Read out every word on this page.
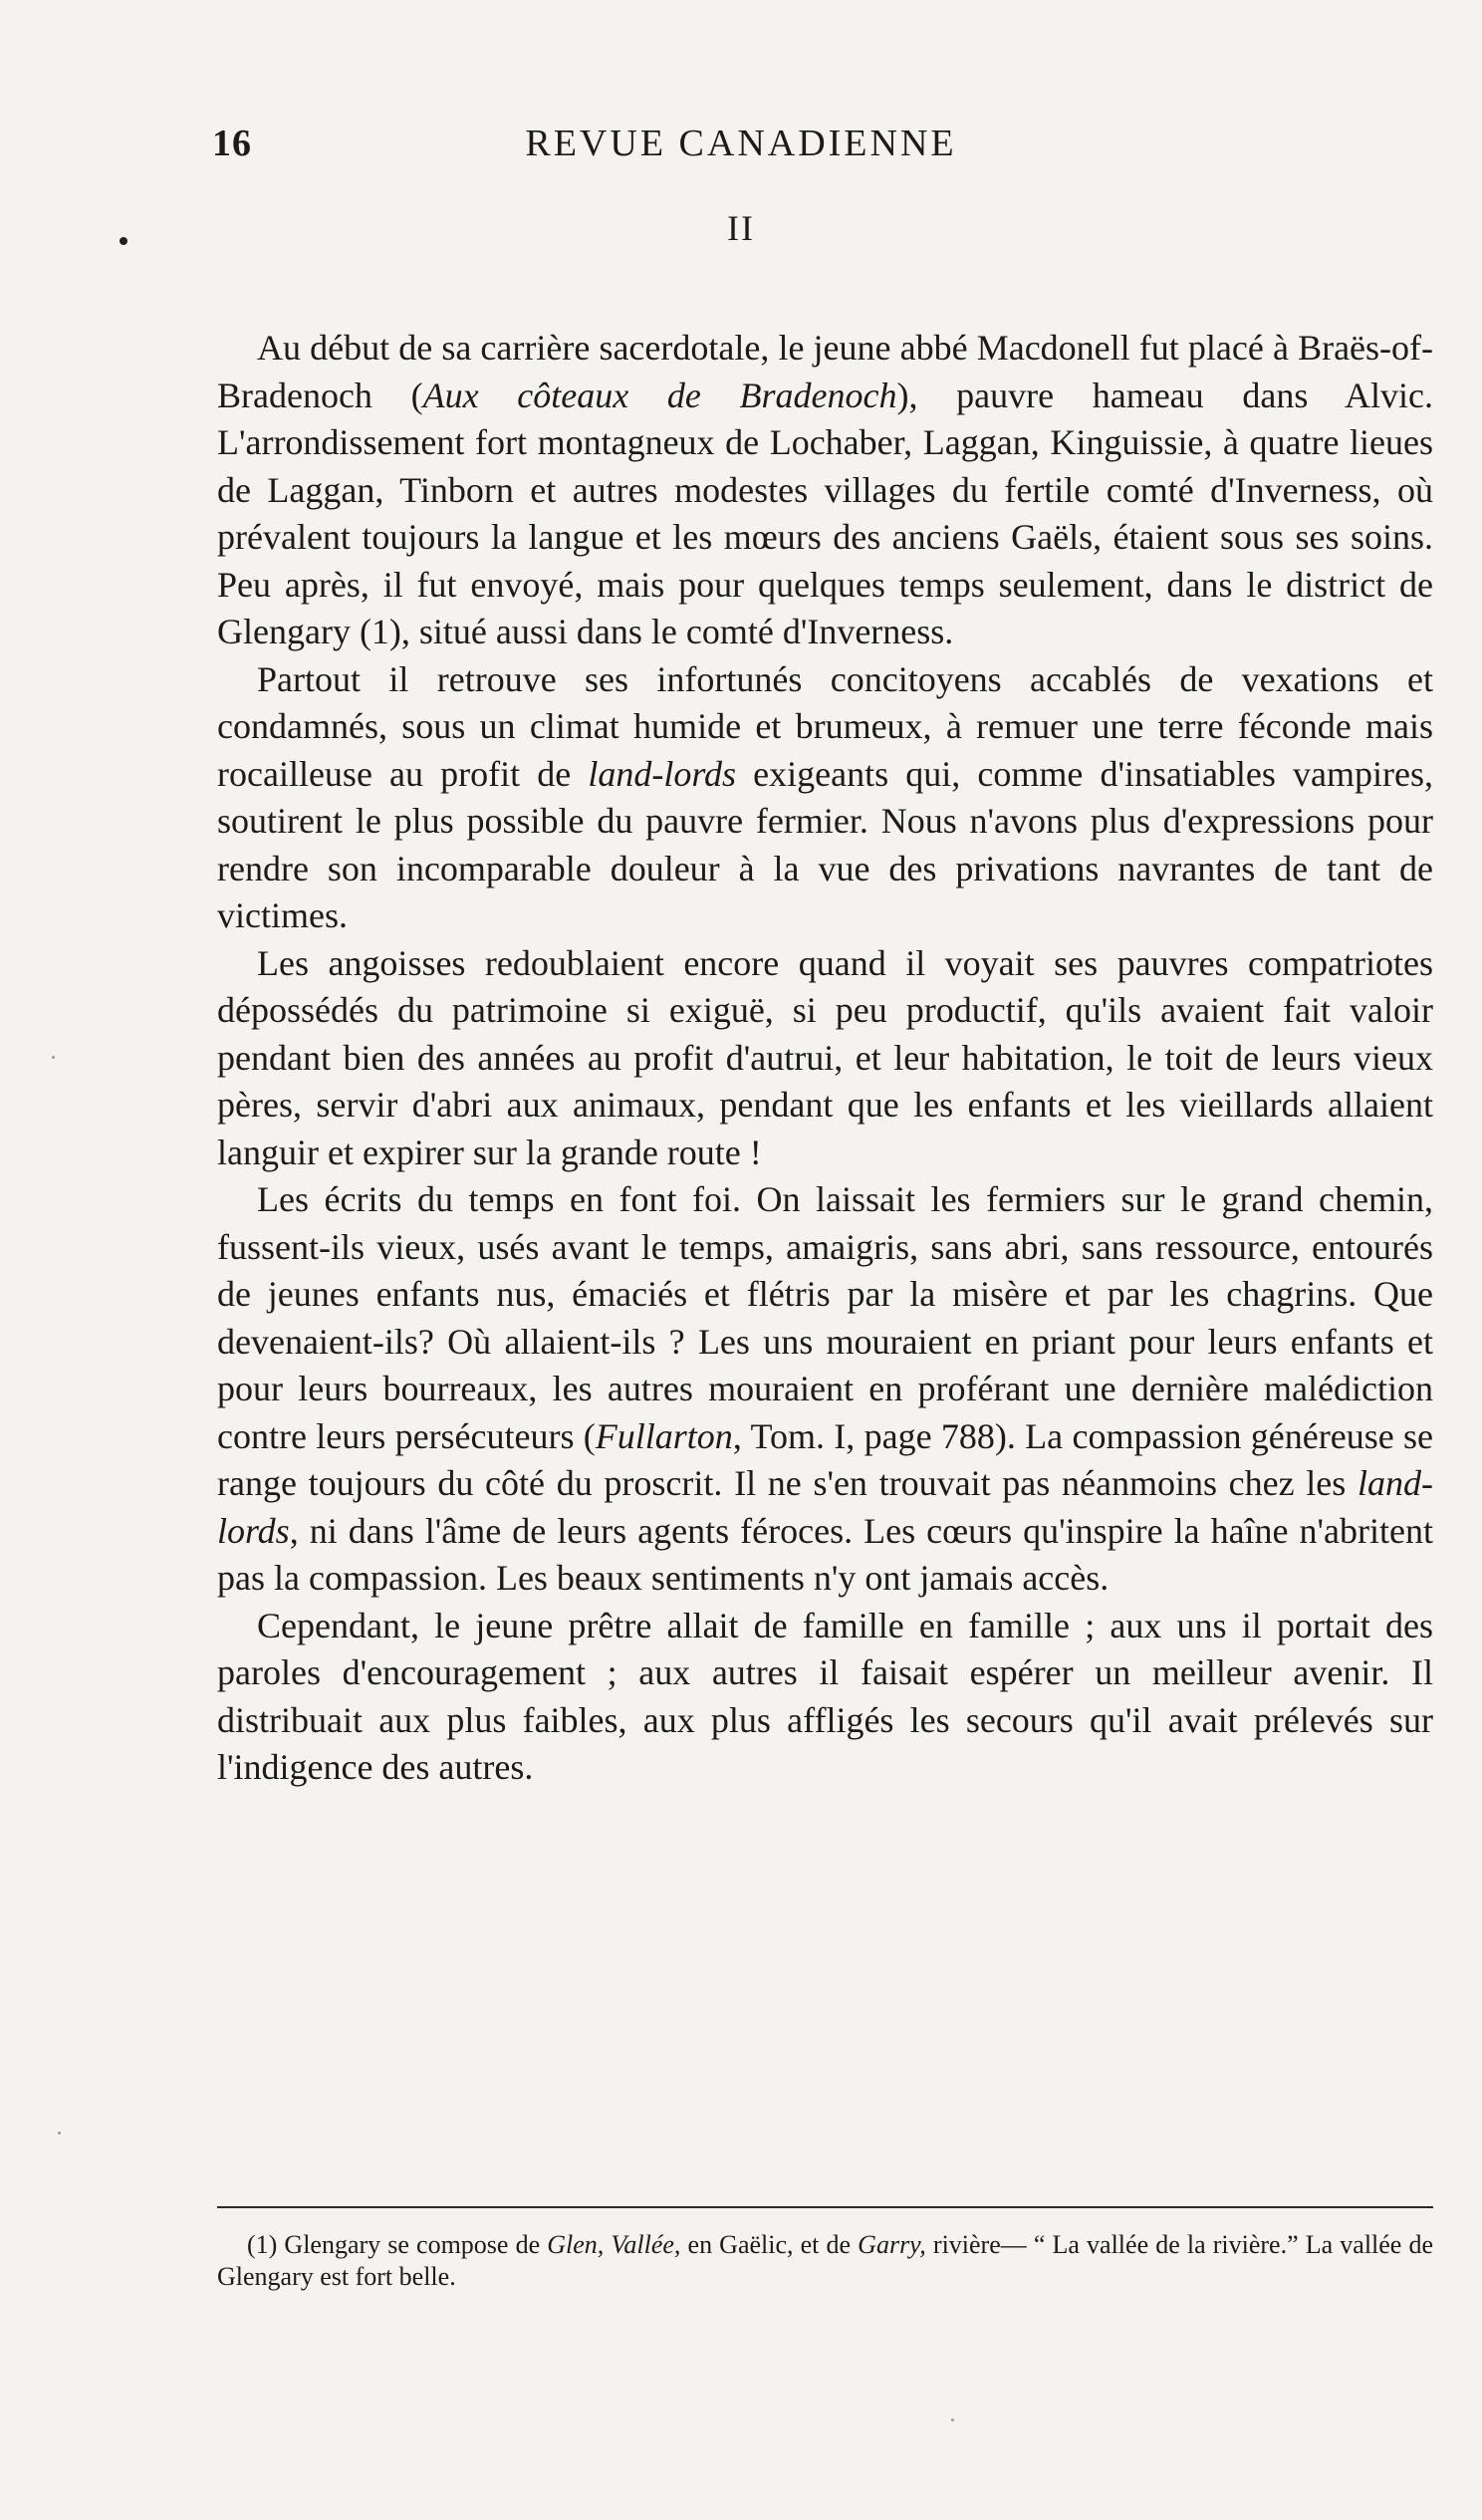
16	REVUE CANADIENNE
II

Au début de sa carrière sacerdotale, le jeune abbé Macdonell fut placé à Braës-of-Bradenoch (Aux côteaux de Bradenoch), pauvre hameau dans Alvic. L'arrondissement fort montagneux de Lochaber, Laggan, Kinguissie, à quatre lieues de Laggan, Tinborn et autres modestes villages du fertile comté d'Inverness, où prévalent toujours la langue et les mœurs des anciens Gaëls, étaient sous ses soins. Peu après, il fut envoyé, mais pour quelques temps seulement, dans le district de Glengary (1), situé aussi dans le comté d'Inverness.

Partout il retrouve ses infortunés concitoyens accablés de vexations et condamnés, sous un climat humide et brumeux, à remuer une terre féconde mais rocailleuse au profit de land-lords exigeants qui, comme d'insatiables vampires, soutirent le plus possible du pauvre fermier. Nous n'avons plus d'expressions pour rendre son incomparable douleur à la vue des privations navrantes de tant de victimes.

Les angoisses redoublaient encore quand il voyait ses pauvres compatriotes dépossédés du patrimoine si exiguë, si peu productif, qu'ils avaient fait valoir pendant bien des années au profit d'autrui, et leur habitation, le toit de leurs vieux pères, servir d'abri aux animaux, pendant que les enfants et les vieillards allaient languir et expirer sur la grande route !

Les écrits du temps en font foi. On laissait les fermiers sur le grand chemin, fussent-ils vieux, usés avant le temps, amaigris, sans abri, sans ressource, entourés de jeunes enfants nus, émaciés et flétris par la misère et par les chagrins. Que devenaient-ils? Où allaient-ils ? Les uns mouraient en priant pour leurs enfants et pour leurs bourreaux, les autres mouraient en proférant une dernière malédiction contre leurs persécuteurs (Fullarton, Tom. I, page 788). La compassion généreuse se range toujours du côté du proscrit. Il ne s'en trouvait pas néanmoins chez les land-lords, ni dans l'âme de leurs agents féroces. Les cœurs qu'inspire la haîne n'abritent pas la compassion. Les beaux sentiments n'y ont jamais accès.

Cependant, le jeune prêtre allait de famille en famille ; aux uns il portait des paroles d'encouragement ; aux autres il faisait espérer un meilleur avenir. Il distribuait aux plus faibles, aux plus affligés les secours qu'il avait prélevés sur l'indigence des autres.

(1) Glengary se compose de Glen, Vallée, en Gaëlic, et de Garry, rivière— “ La vallée de la rivière.” La vallée de Glengary est fort belle.
